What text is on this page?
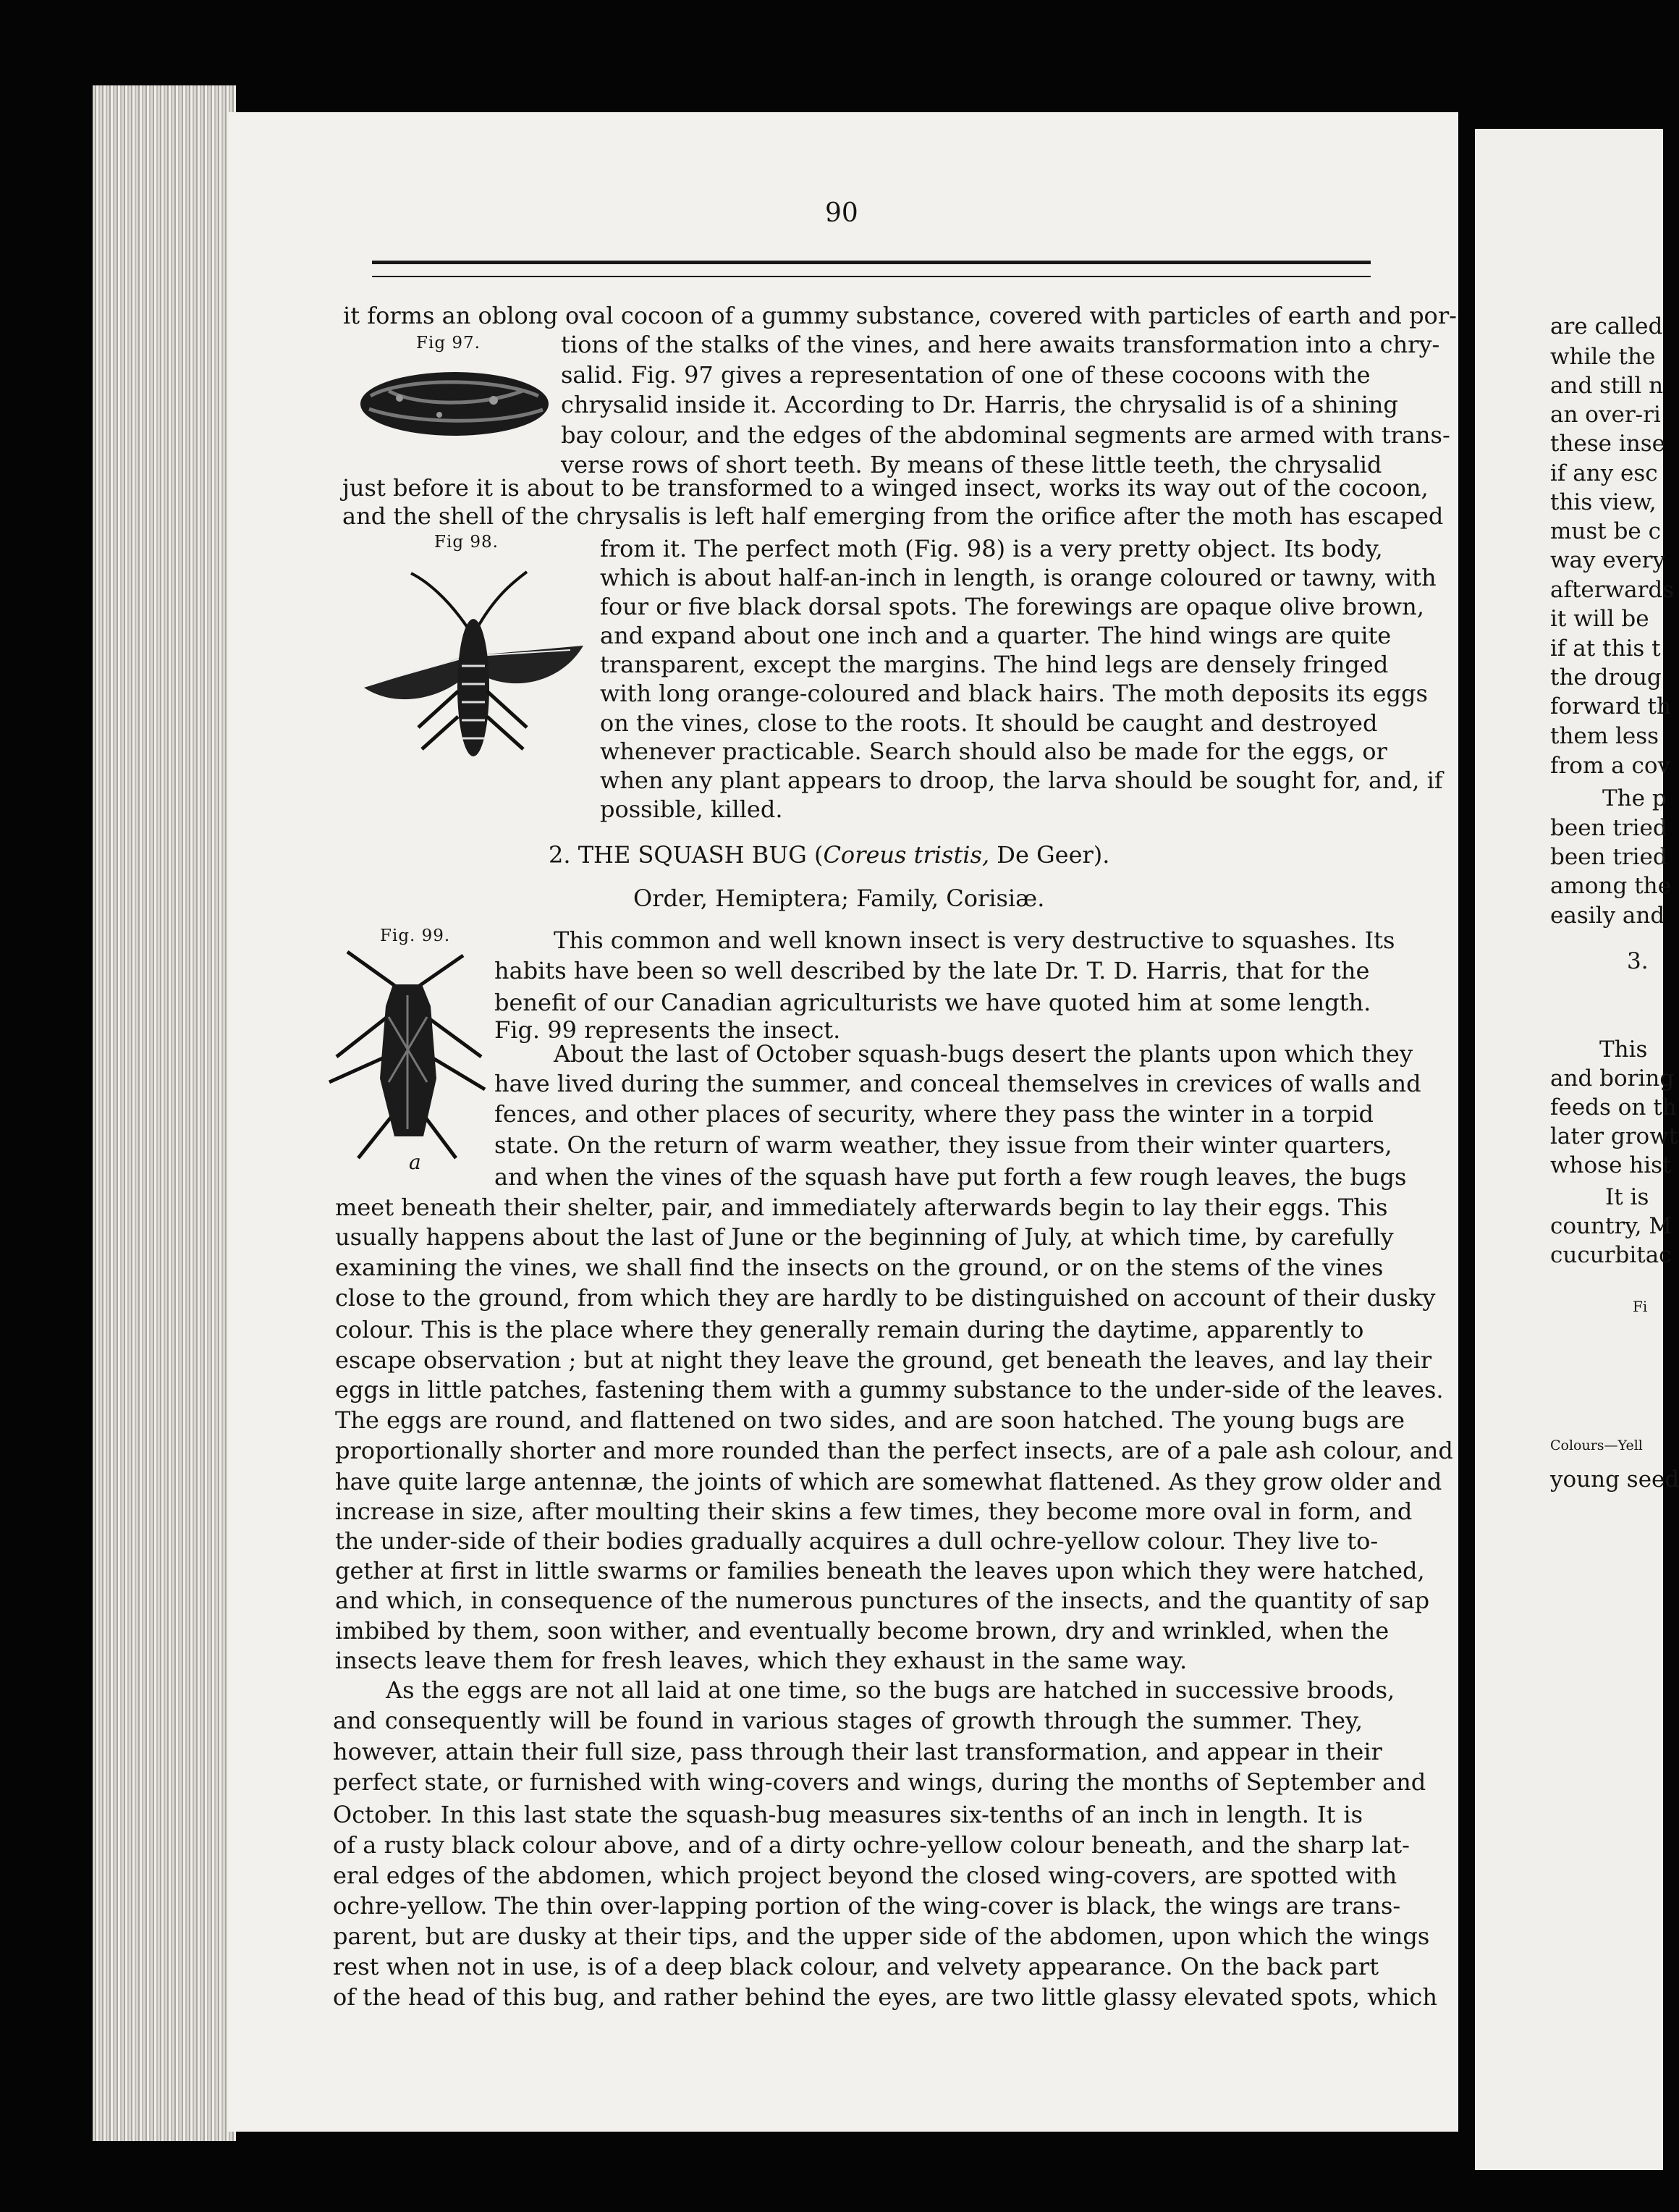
90
Fig 97.
Fig 98.
Fig. 99.
a
it forms an oblong oval cocoon of a gummy substance, covered with particles of earth and por-
tions of the stalks of the vines, and here awaits transformation into a chry-
salid. Fig. 97 gives a representation of one of these cocoons with the
chrysalid inside it. According to Dr. Harris, the chrysalid is of a shining
bay colour, and the edges of the abdominal segments are armed with trans-
verse rows of short teeth. By means of these little teeth, the chrysalid
just before it is about to be transformed to a winged insect, works its way out of the cocoon,
and the shell of the chrysalis is left half emerging from the orifice after the moth has escaped
from it. The perfect moth (Fig. 98) is a very pretty object. Its body,
which is about half-an-inch in length, is orange coloured or tawny, with
four or five black dorsal spots. The forewings are opaque olive brown,
and expand about one inch and a quarter. The hind wings are quite
transparent, except the margins. The hind legs are densely fringed
with long orange-coloured and black hairs. The moth deposits its eggs
on the vines, close to the roots. It should be caught and destroyed
whenever practicable. Search should also be made for the eggs, or
when any plant appears to droop, the larva should be sought for, and, if
possible, killed.
2. THE SQUASH BUG (Coreus tristis, De Geer).
Order, Hemiptera; Family, Corisiæ.
This common and well known insect is very destructive to squashes. Its
habits have been so well described by the late Dr. T. D. Harris, that for the
benefit of our Canadian agriculturists we have quoted him at some length.
Fig. 99 represents the insect.
About the last of October squash-bugs desert the plants upon which they
have lived during the summer, and conceal themselves in crevices of walls and
fences, and other places of security, where they pass the winter in a torpid
state. On the return of warm weather, they issue from their winter quarters,
and when the vines of the squash have put forth a few rough leaves, the bugs
meet beneath their shelter, pair, and immediately afterwards begin to lay their eggs. This
usually happens about the last of June or the beginning of July, at which time, by carefully
examining the vines, we shall find the insects on the ground, or on the stems of the vines
close to the ground, from which they are hardly to be distinguished on account of their dusky
colour. This is the place where they generally remain during the daytime, apparently to
escape observation ; but at night they leave the ground, get beneath the leaves, and lay their
eggs in little patches, fastening them with a gummy substance to the under-side of the leaves.
The eggs are round, and flattened on two sides, and are soon hatched. The young bugs are
proportionally shorter and more rounded than the perfect insects, are of a pale ash colour, and
have quite large antennæ, the joints of which are somewhat flattened. As they grow older and
increase in size, after moulting their skins a few times, they become more oval in form, and
the under-side of their bodies gradually acquires a dull ochre-yellow colour. They live to-
gether at first in little swarms or families beneath the leaves upon which they were hatched,
and which, in consequence of the numerous punctures of the insects, and the quantity of sap
imbibed by them, soon wither, and eventually become brown, dry and wrinkled, when the
insects leave them for fresh leaves, which they exhaust in the same way.
As the eggs are not all laid at one time, so the bugs are hatched in successive broods,
and consequently will be found in various stages of growth through the summer. They,
however, attain their full size, pass through their last transformation, and appear in their
perfect state, or furnished with wing-covers and wings, during the months of September and
October. In this last state the squash-bug measures six-tenths of an inch in length. It is
of a rusty black colour above, and of a dirty ochre-yellow colour beneath, and the sharp lat-
eral edges of the abdomen, which project beyond the closed wing-covers, are spotted with
ochre-yellow. The thin over-lapping portion of the wing-cover is black, the wings are trans-
parent, but are dusky at their tips, and the upper side of the abdomen, upon which the wings
rest when not in use, is of a deep black colour, and velvety appearance. On the back part
of the head of this bug, and rather behind the eyes, are two little glassy elevated spots, which
are called
while the
and still n
an over-ri
these inse
if any esc
this view,
must be c
way every
afterwards
it will be
if at this t
the droug
forward th
them less
from a cov
The p
been tried
been tried
among the
easily and
3.
This
and boring
feeds on th
later growt
whose hist
It is
country, M
cucurbitac
Fi
Colours—Yell
young seed
